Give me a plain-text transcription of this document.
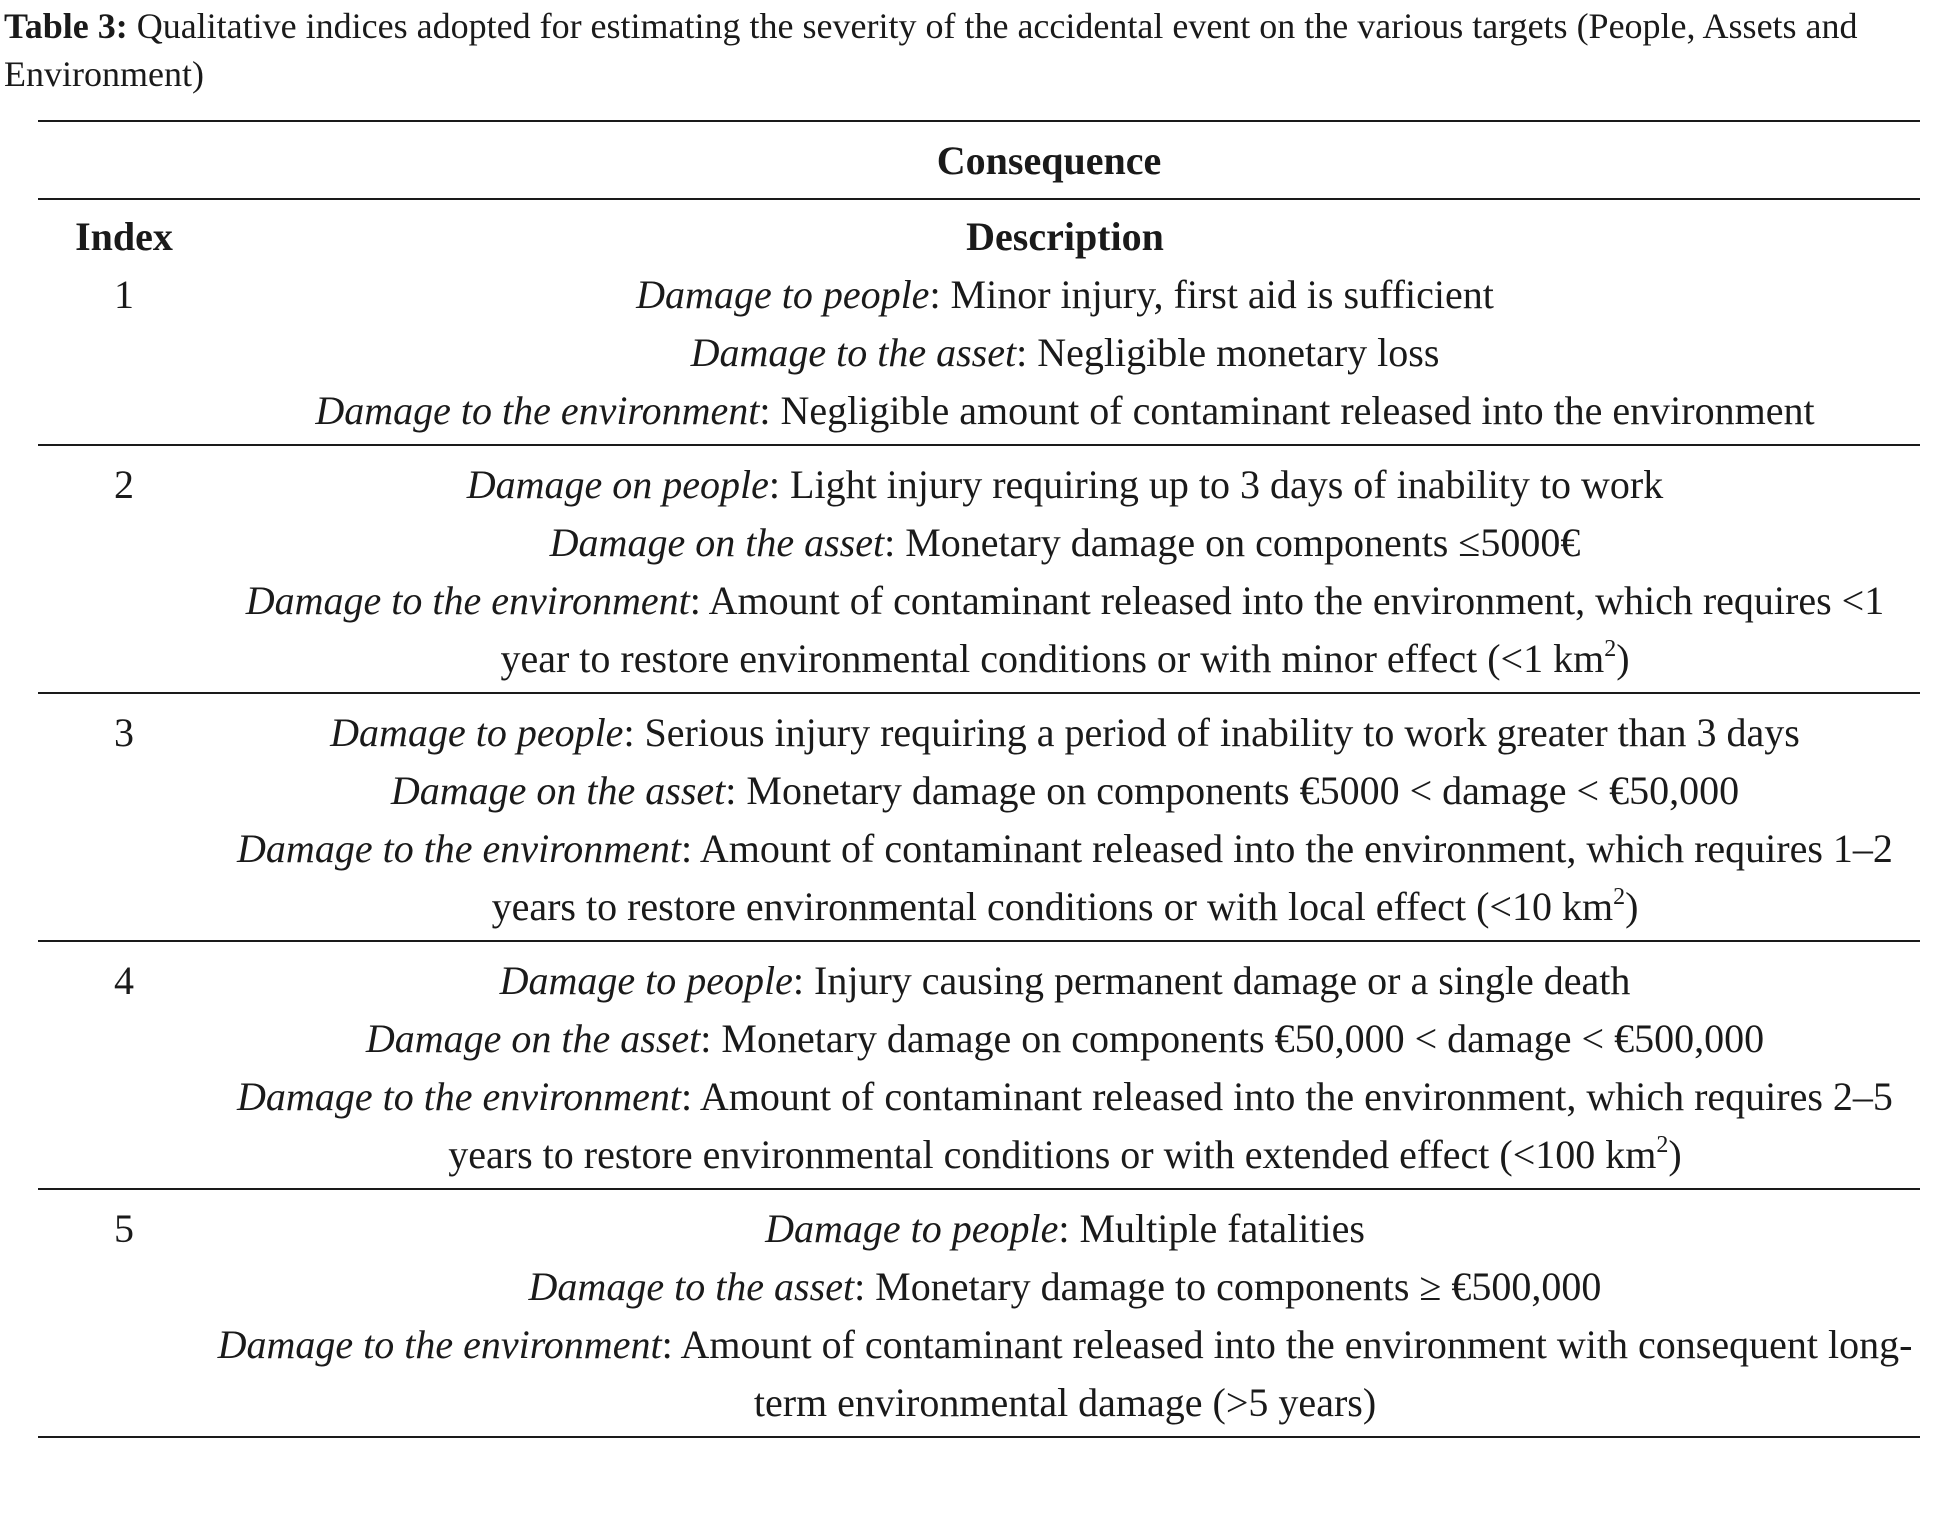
Table 3: Qualitative indices adopted for estimating the severity of the accidental event on the various targets (People, Assets and Environment)
Consequence	
Index	Description
1	Damage to people: Minor injury, first aid is sufficient
Damage to the asset: Negligible monetary loss
Damage to the environment: Negligible amount of contaminant released into the environment

2	Damage on people: Light injury requiring up to 3 days of inability to work
Damage on the asset: Monetary damage on components ≤5000€
Damage to the environment: Amount of contaminant released into the environment, which requires <1 year to restore environmental conditions or with minor effect (<1 $km^2$)

3	Damage to people: Serious injury requiring a period of inability to work greater than 3 days
Damage on the asset: Monetary damage on components €5000 < damage < €50,000
Damage to the environment: Amount of contaminant released into the environment, which requires 1–2 years to restore environmental conditions or with local effect (<10 $km^2$)

4	Damage to people: Injury causing permanent damage or a single death
Damage on the asset: Monetary damage on components €50,000 < damage < €500,000
Damage to the environment: Amount of contaminant released into the environment, which requires 2–5 years to restore environmental conditions or with extended effect (<100 $km^2$)

5	Damage to people: Multiple fatalities
Damage to the asset: Monetary damage to components ≥ €500,000
Damage to the environment: Amount of contaminant released into the environment with consequent long-term environmental damage (>5 years)
